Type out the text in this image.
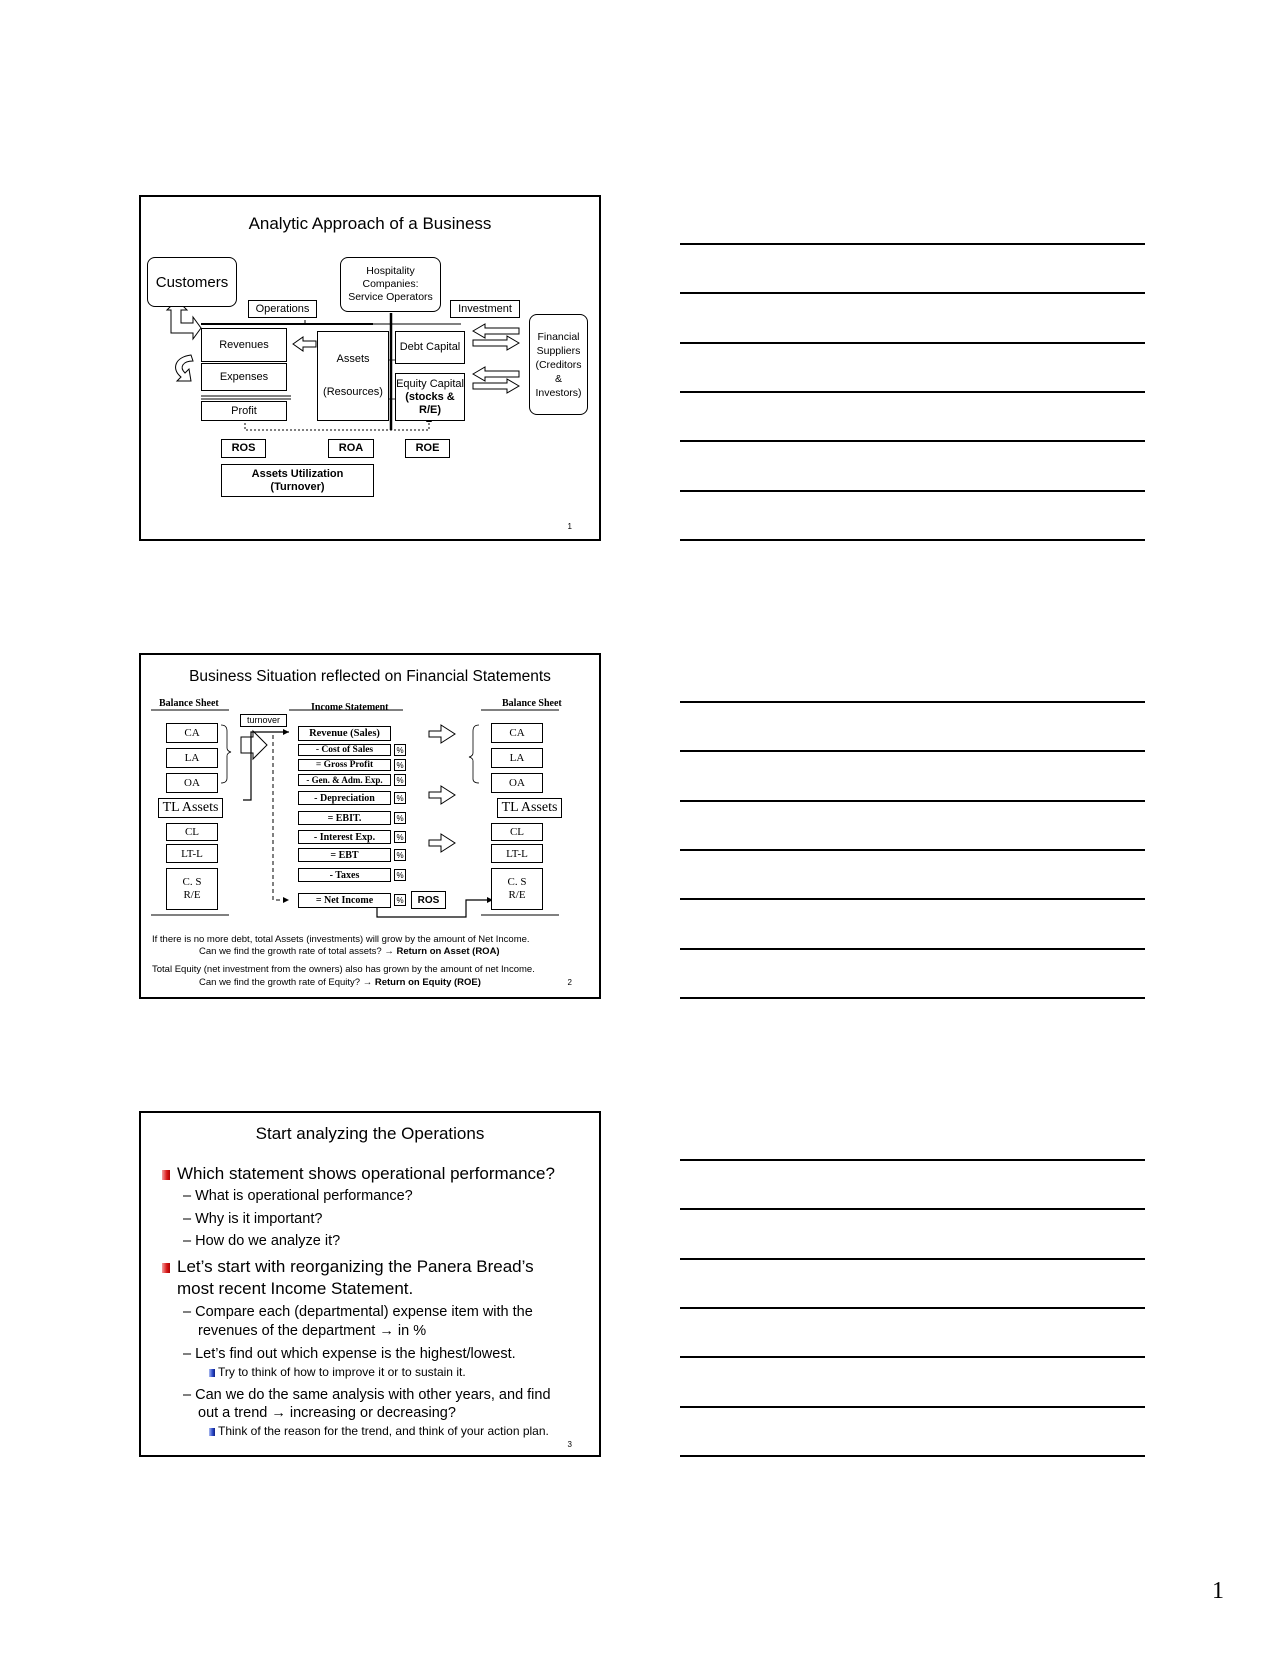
Analytic Approach of a Business
Customers
Hospitality
Companies:
Service Operators
Operations	Investment
Revenues
Expenses
Profit
Assets
(Resources)
Debt Capital
Equity Capital
(stocks &
R/E)
Financial
Suppliers
(Creditors
&
Investors)
ROS	ROA	ROE
Assets Utilization
(Turnover)
1
Business Situation reflected on Financial Statements
Balance Sheet	Income Statement	Balance Sheet
turnover
CA
LA
OA
TL Assets
CL
LT-L
C. S
R/E
Revenue (Sales)
- Cost of Sales
= Gross Profit
- Gen. & Adm. Exp.
- Depreciation
= EBIT.
- Interest Exp.
= EBT
- Taxes
= Net Income
%
%
%
%
%
%
%
%
%	ROS
CA
LA
OA
TL Assets
CL
LT-L
C. S
R/E
If there is no more debt, total Assets (investments) will grow by the amount of Net Income.
Can we find the growth rate of total assets? → Return on Asset (ROA)
Total Equity (net investment from the owners) also has grown by the amount of net Income.
Can we find the growth rate of Equity? → Return on Equity (ROE)	2
Start analyzing the Operations
Which statement shows operational performance?
– What is operational performance?
– Why is it important?
– How do we analyze it?
Let’s start with reorganizing the Panera Bread’s
most recent Income Statement.
– Compare each (departmental) expense item with the
revenues of the department → in %
– Let’s find out which expense is the highest/lowest.
Try to think of how to improve it or to sustain it.
– Can we do the same analysis with other years, and find
out a trend → increasing or decreasing?
Think of the reason for the trend, and think of your action plan.
3
1
